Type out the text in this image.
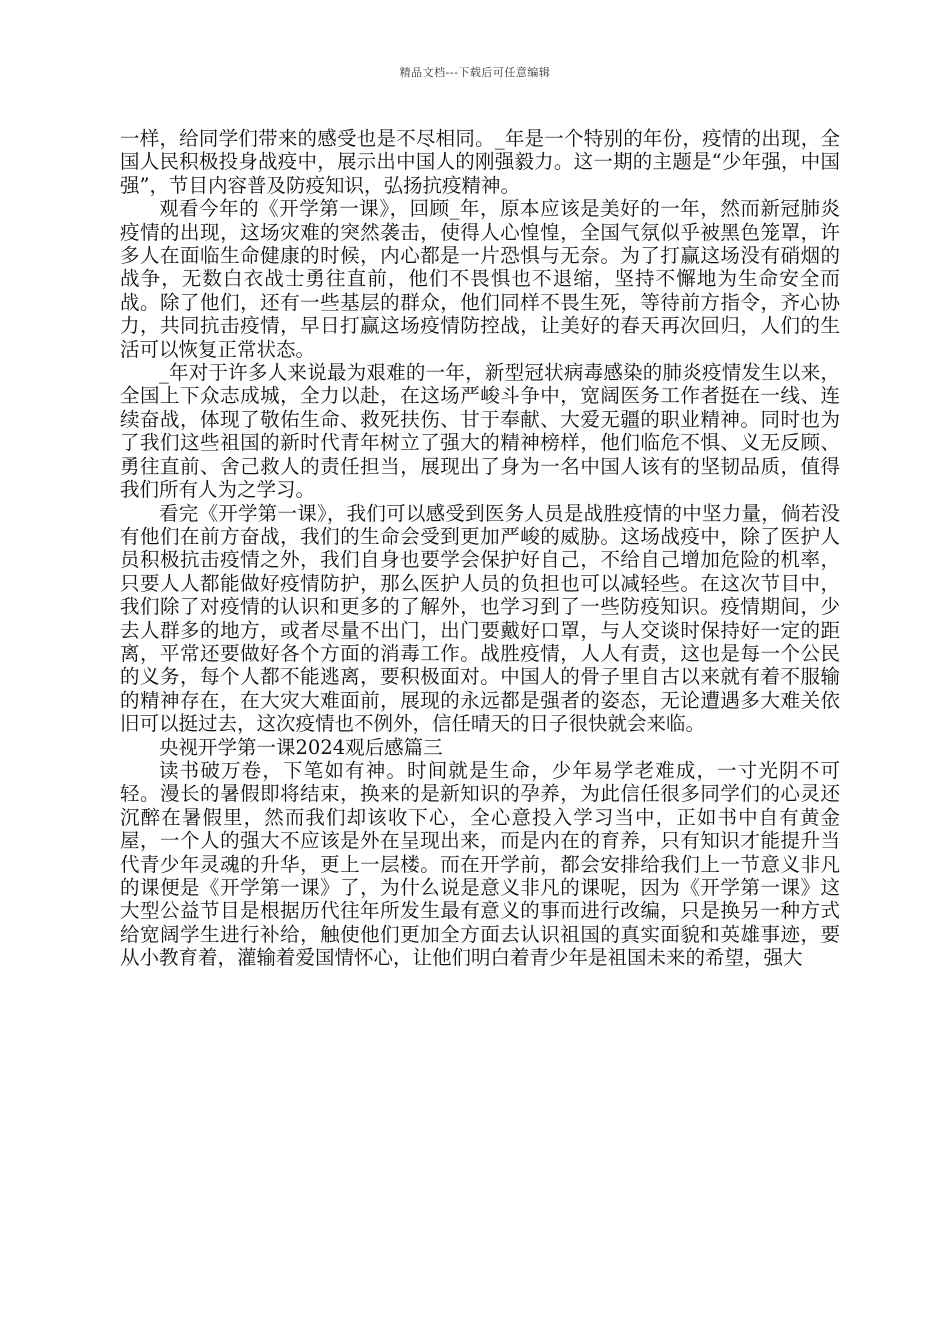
精品文档---下载后可任意编辑

一样，给同学们带来的感受也是不尽相同。_年是一个特别的年份，疫情的出现，全国人民积极投身战疫中，展示出中国人的刚强毅力。这一期的主题是“少年强，中国强”，节目内容普及防疫知识，弘扬抗疫精神。

观看今年的《开学第一课》，回顾_年，原本应该是美好的一年，然而新冠肺炎疫情的出现，这场灾难的突然袭击，使得人心惶惶，全国气氛似乎被黑色笼罩，许多人在面临生命健康的时候，内心都是一片恐惧与无奈。为了打赢这场没有硝烟的战争，无数白衣战士勇往直前，他们不畏惧也不退缩，坚持不懈地为生命安全而战。除了他们，还有一些基层的群众，他们同样不畏生死，等待前方指令，齐心协力，共同抗击疫情，早日打赢这场疫情防控战，让美好的春天再次回归，人们的生活可以恢复正常状态。

_年对于许多人来说最为艰难的一年，新型冠状病毒感染的肺炎疫情发生以来，全国上下众志成城，全力以赴，在这场严峻斗争中，宽阔医务工作者挺在一线、连续奋战，体现了敬佑生命、救死扶伤、甘于奉献、大爱无疆的职业精神。同时也为了我们这些祖国的新时代青年树立了强大的精神榜样，他们临危不惧、义无反顾、勇往直前、舍己救人的责任担当，展现出了身为一名中国人该有的坚韧品质，值得我们所有人为之学习。

看完《开学第一课》，我们可以感受到医务人员是战胜疫情的中坚力量，倘若没有他们在前方奋战，我们的生命会受到更加严峻的威胁。这场战疫中，除了医护人员积极抗击疫情之外，我们自身也要学会保护好自己，不给自己增加危险的机率，只要人人都能做好疫情防护，那么医护人员的负担也可以减轻些。在这次节目中，我们除了对疫情的认识和更多的了解外，也学习到了一些防疫知识。疫情期间，少去人群多的地方，或者尽量不出门，出门要戴好口罩，与人交谈时保持好一定的距离，平常还要做好各个方面的消毒工作。战胜疫情，人人有责，这也是每一个公民的义务，每个人都不能逃离，要积极面对。中国人的骨子里自古以来就有着不服输的精神存在，在大灾大难面前，展现的永远都是强者的姿态，无论遭遇多大难关依旧可以挺过去，这次疫情也不例外，信任晴天的日子很快就会来临。

央视开学第一课2024观后感篇三

读书破万卷，下笔如有神。时间就是生命，少年易学老难成，一寸光阴不可轻。漫长的暑假即将结束，换来的是新知识的孕养，为此信任很多同学们的心灵还沉醉在暑假里，然而我们却该收下心，全心意投入学习当中，正如书中自有黄金屋，一个人的强大不应该是外在呈现出来，而是内在的育养，只有知识才能提升当代青少年灵魂的升华，更上一层楼。而在开学前，都会安排给我们上一节意义非凡的课便是《开学第一课》了，为什么说是意义非凡的课呢，因为《开学第一课》这大型公益节目是根据历代往年所发生最有意义的事而进行改编，只是换另一种方式给宽阔学生进行补给，触使他们更加全方面去认识祖国的真实面貌和英雄事迹，要从小教育着，灌输着爱国情怀心，让他们明白着青少年是祖国未来的希望，强大
